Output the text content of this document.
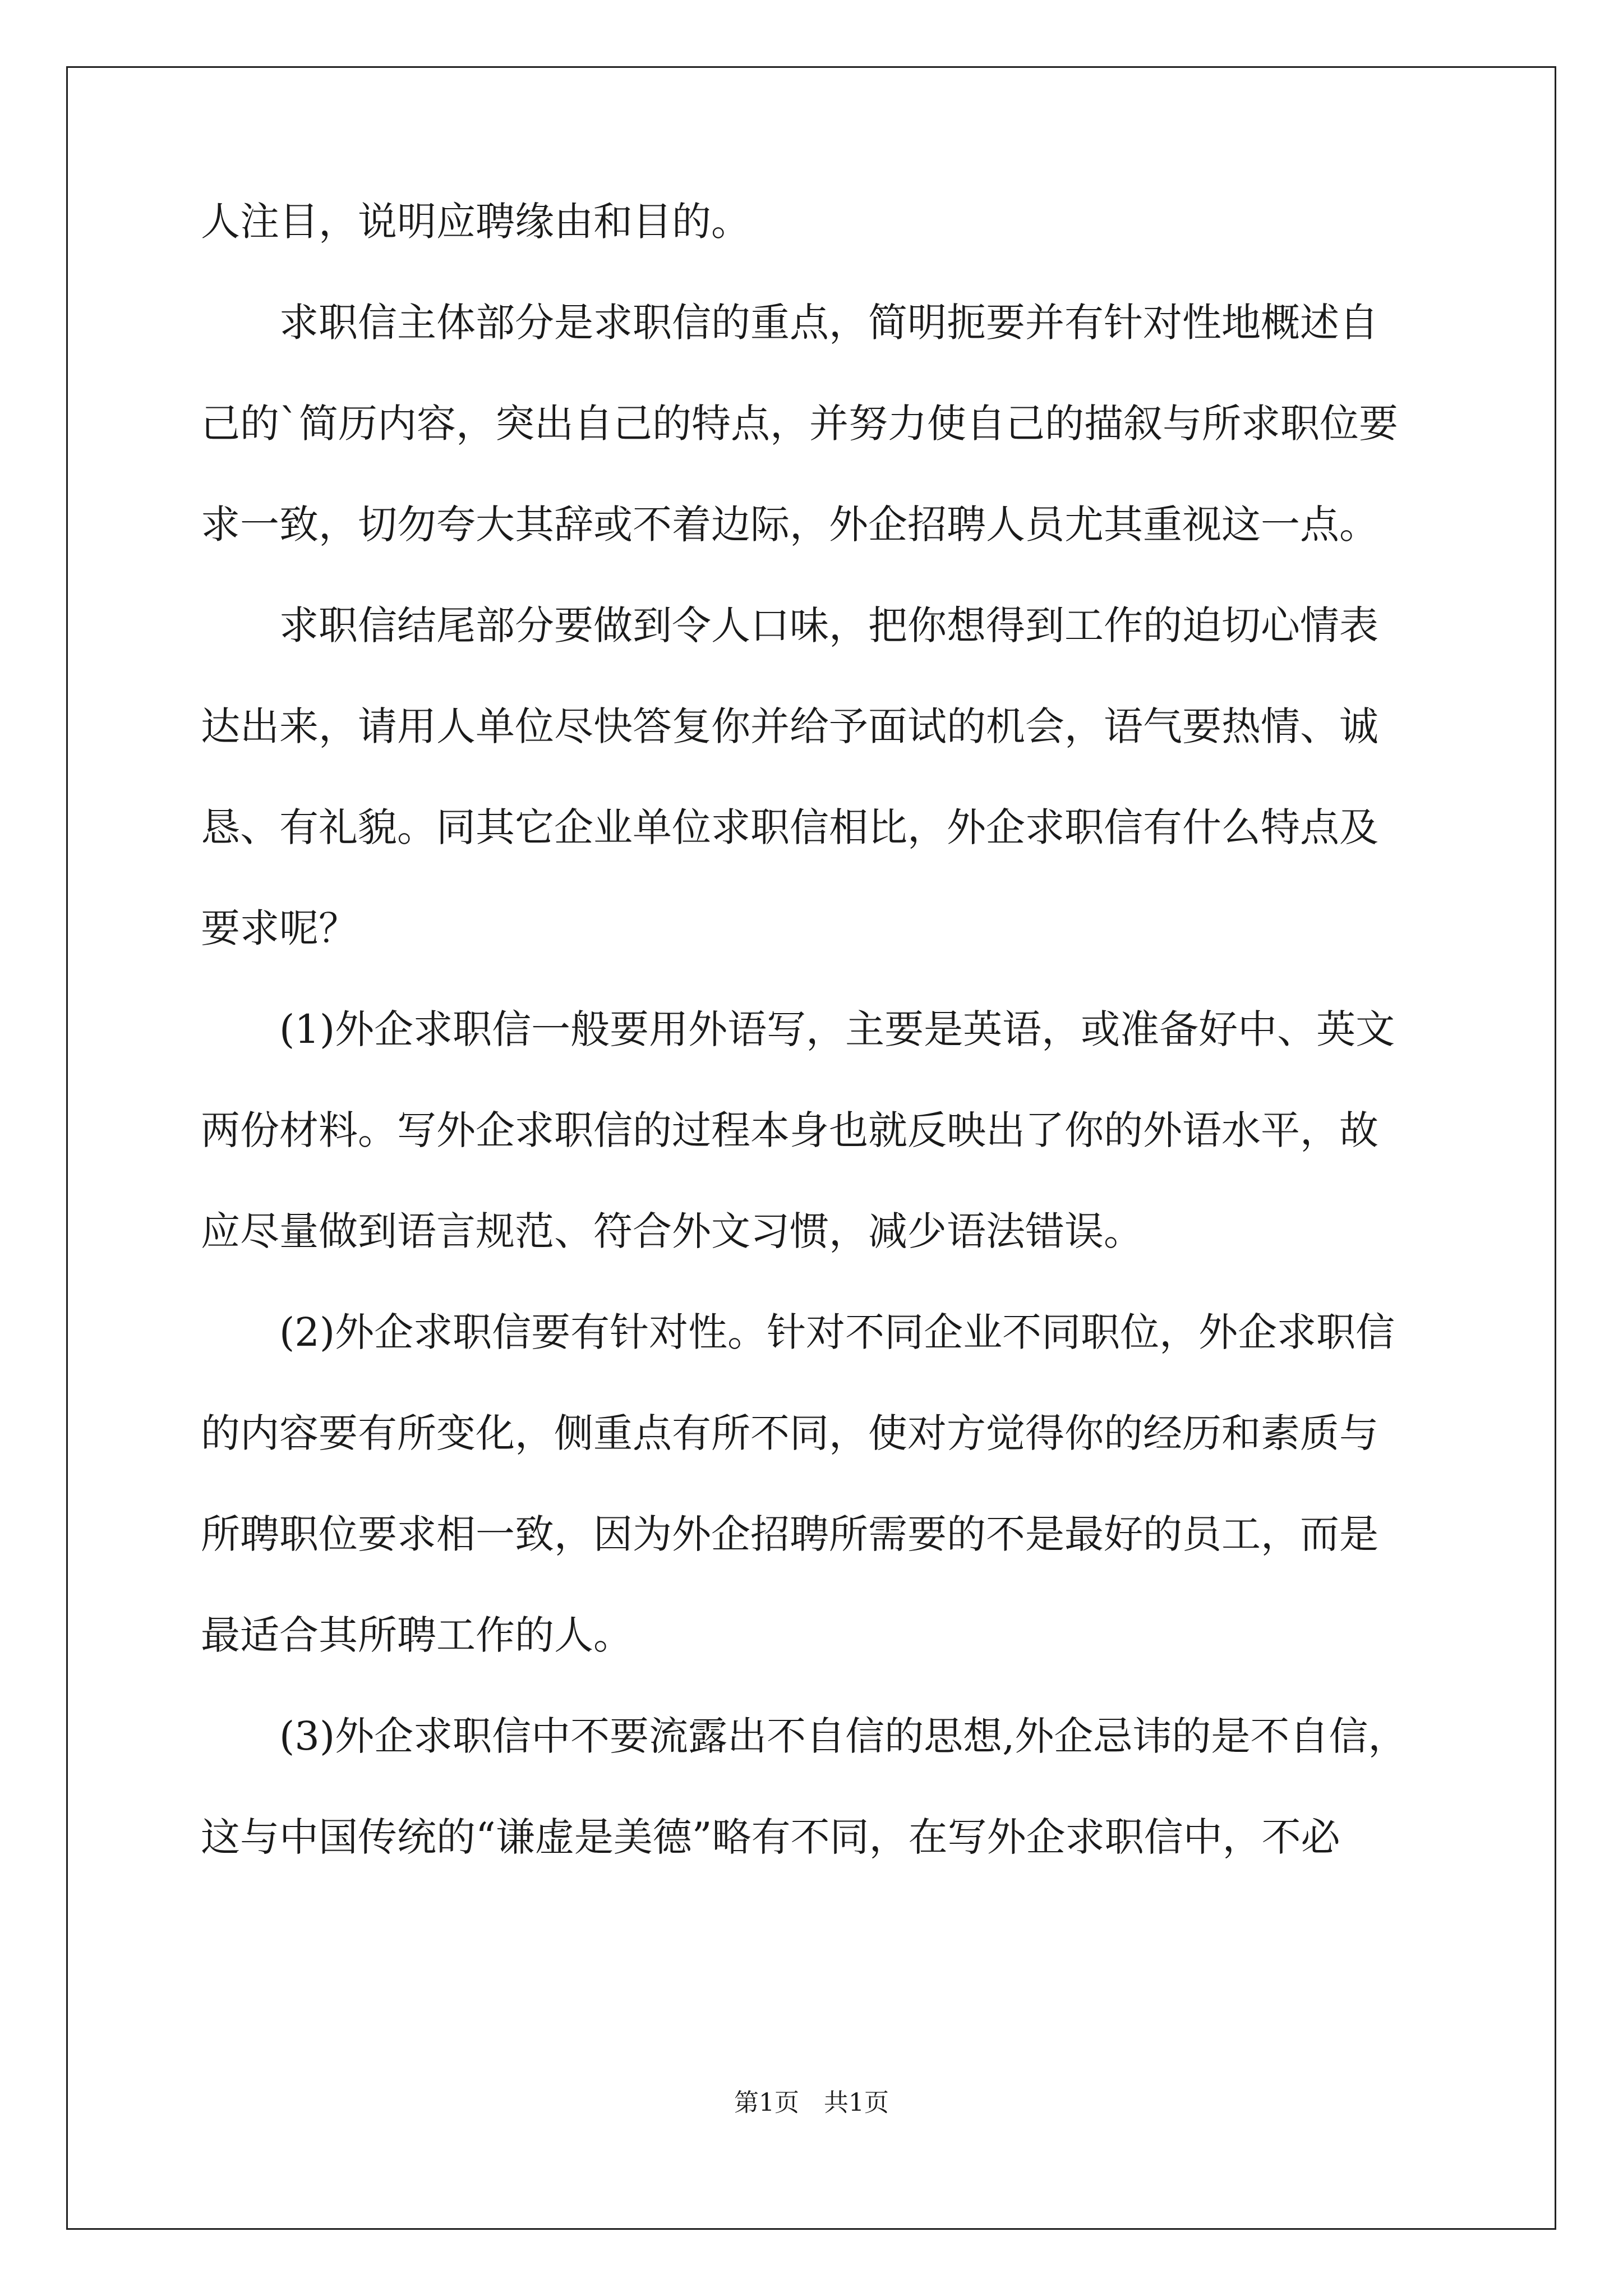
人注目，说明应聘缘由和目的。
　　求职信主体部分是求职信的重点，简明扼要并有针对性地概述自
己的`简历内容，突出自己的特点，并努力使自己的描叙与所求职位要
求一致，切勿夸大其辞或不着边际，外企招聘人员尤其重视这一点。
　　求职信结尾部分要做到令人口味，把你想得到工作的迫切心情表
达出来，请用人单位尽快答复你并给予面试的机会，语气要热情、诚
恳、有礼貌。同其它企业单位求职信相比，外企求职信有什么特点及
要求呢？
　　(1)外企求职信一般要用外语写，主要是英语，或准备好中、英文
两份材料。写外企求职信的过程本身也就反映出了你的外语水平，故
应尽量做到语言规范、符合外文习惯，减少语法错误。
　　(2)外企求职信要有针对性。针对不同企业不同职位，外企求职信
的内容要有所变化，侧重点有所不同，使对方觉得你的经历和素质与
所聘职位要求相一致，因为外企招聘所需要的不是最好的员工，而是
最适合其所聘工作的人。
　　(3)外企求职信中不要流露出不自信的思想,外企忌讳的是不自信，
这与中国传统的“谦虚是美德”略有不同，在写外企求职信中，不必
第1页　共1页
